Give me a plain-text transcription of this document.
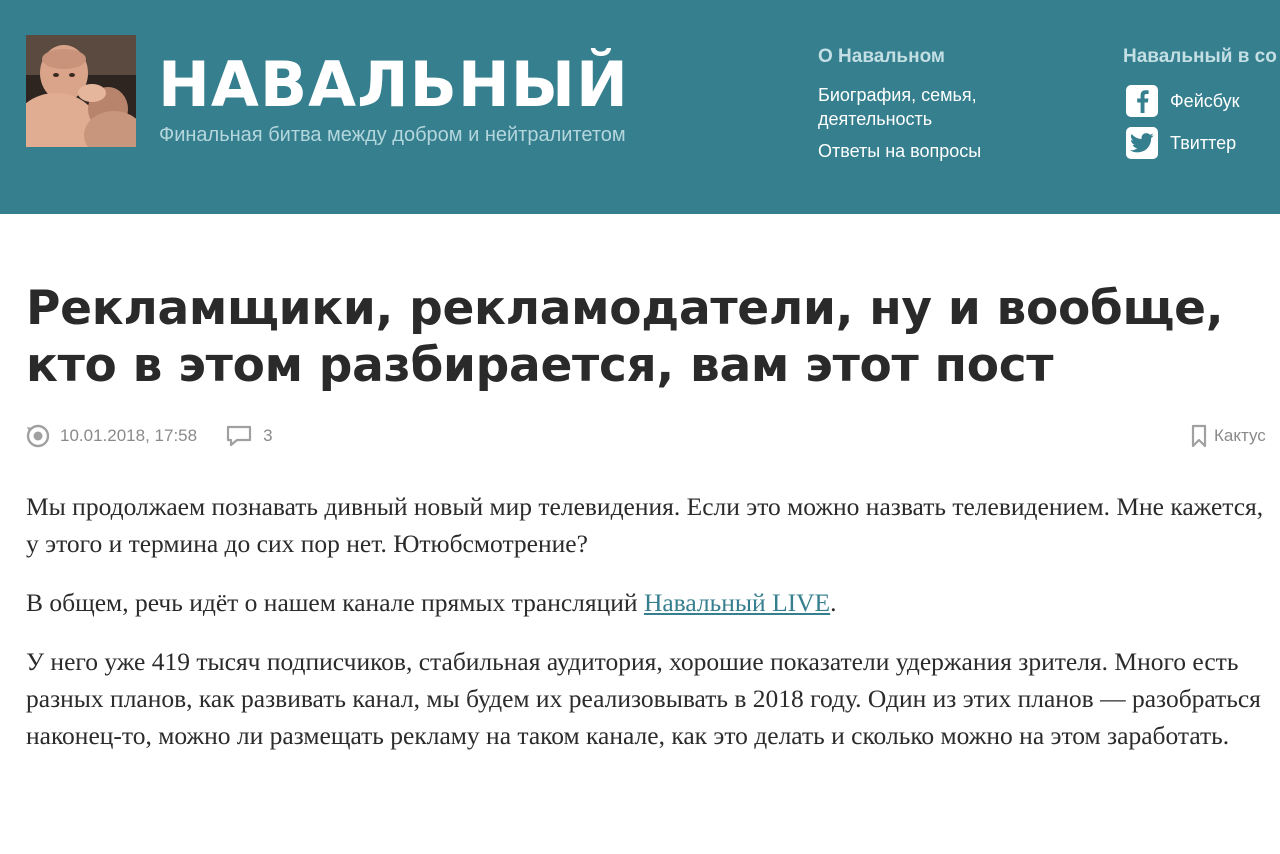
НАВАЛЬНЫЙ
Финальная битва между добром и нейтралитетом
О Навальном
Биография, семья, деятельность
Ответы на вопросы
Навальный в со
Фейсбук
Твиттер
Рекламщики, рекламодатели, ну и вообще, кто в этом разбирается, вам этот пост
10.01.2018, 17:58	3	Кактус

Мы продолжаем познавать дивный новый мир телевидения. Если это можно назвать телевидением. Мне кажется, у этого и термина до сих пор нет. Ютюбсмотрение?

В общем, речь идёт о нашем канале прямых трансляций Навальный LIVE.

У него уже 419 тысяч подписчиков, стабильная аудитория, хорошие показатели удержания зрителя. Много есть разных планов, как развивать канал, мы будем их реализовывать в 2018 году. Один из этих планов — разобраться наконец-то, можно ли размещать рекламу на таком канале, как это делать и сколько можно на этом заработать.
